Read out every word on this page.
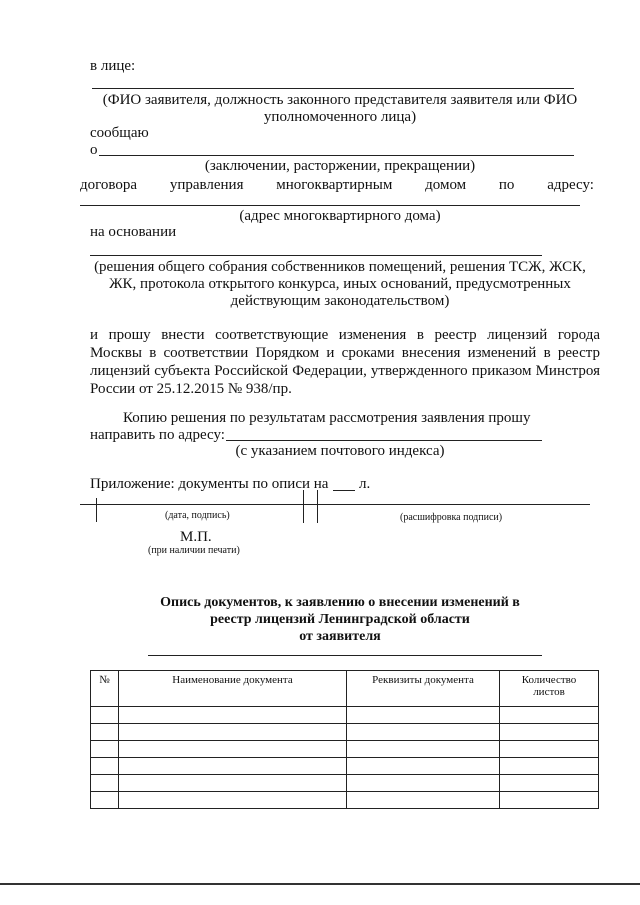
в лице:
(ФИО заявителя, должность законного представителя заявителя или ФИО
уполномоченного лица)
сообщаю
о
(заключении, расторжении, прекращении)
договора управления многоквартирным домом по адресу:
(адрес многоквартирного дома)
на основании
(решения общего собрания собственников помещений, решения ТСЖ, ЖСК,
ЖК, протокола открытого конкурса, иных оснований, предусмотренных
действующим законодательством)
и прошу внести соответствующие изменения в реестр лицензий города Москвы в соответствии Порядком и сроками внесения изменений в реестр лицензий субъекта Российской Федерации, утвержденного приказом Минстроя России от 25.12.2015 № 938/пр.
Копию решения по результатам рассмотрения заявления прошу
направить по адресу:
(с указанием почтового индекса)
Приложение: документы по описи на л.
(дата, подпись)	(расшифровка подписи)
М.П.
(при наличии печати)
Опись документов, к заявлению о внесении изменений в
реестр лицензий Ленинградской области
от заявителя
№	Наименование документа	Реквизиты документа	Количество листов
